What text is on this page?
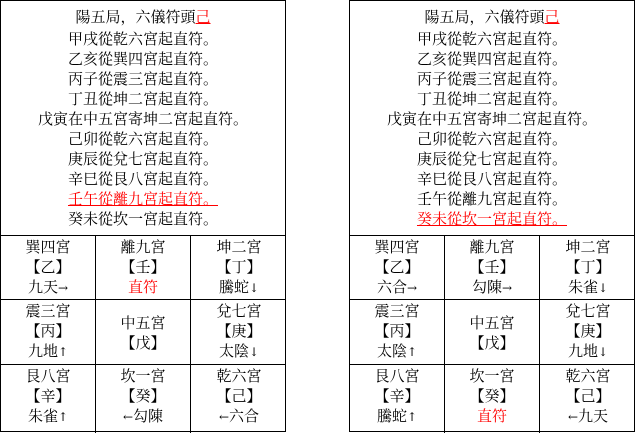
陽五局，六儀符頭己
甲戌從乾六宮起直符。
乙亥從巽四宮起直符。
丙子從震三宮起直符。
丁丑從坤二宮起直符。
戊寅在中五宮寄坤二宮起直符。
己卯從乾六宮起直符。
庚辰從兌七宮起直符。
辛巳從艮八宮起直符。
壬午從離九宮起直符。
癸未從坎一宮起直符。
巽四宮
【乙】
九天→
離九宮
【壬】
直符
坤二宮
【丁】
騰蛇↓
震三宮
【丙】
九地↑
中五宮
【戊】
兌七宮
【庚】
太陰↓
艮八宮
【辛】
朱雀↑
坎一宮
【癸】
←勾陳
乾六宮
【己】
←六合
陽五局，六儀符頭己
甲戌從乾六宮起直符。
乙亥從巽四宮起直符。
丙子從震三宮起直符。
丁丑從坤二宮起直符。
戊寅在中五宮寄坤二宮起直符。
己卯從乾六宮起直符。
庚辰從兌七宮起直符。
辛巳從艮八宮起直符。
壬午從離九宮起直符。
癸未從坎一宮起直符。
巽四宮
【乙】
六合→
離九宮
【壬】
勾陳→
坤二宮
【丁】
朱雀↓
震三宮
【丙】
太陰↑
中五宮
【戊】
兌七宮
【庚】
九地↓
艮八宮
【辛】
騰蛇↑
坎一宮
【癸】
直符
乾六宮
【己】
←九天
